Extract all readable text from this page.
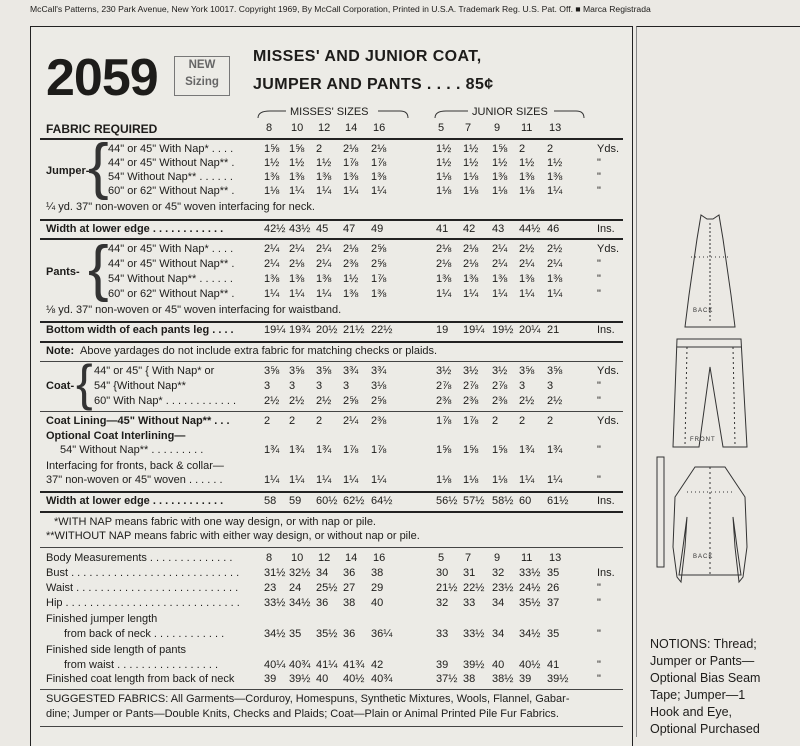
McCall's Patterns, 230 Park Avenue, New York 10017. Copyright 1969, By McCall Corporation, Printed in U.S.A. Trademark Reg. U.S. Pat. Off. ■ Marca Registrada
BACK
FRONT
BACK
2059	NEW
Sizing
MISSES' AND JUNIOR COAT,
JUMPER AND PANTS . . . . 85¢
MISSES' SIZES	JUNIOR SIZES
FABRIC REQUIRED	8 10 12 14 16	5 7 9 11 13
Jumper-
{ 44" or 45" With Nap* . . . .	1⅝ 1⅝ 2 2⅛ 2⅛	1½ 1½ 1⅝ 2 2	Yds.
44" or 45" Without Nap** .	1½ 1½ 1½ 1⅞ 1⅞	1½ 1½ 1½ 1½ 1½	"
54" Without Nap** . . . . . .	1⅜ 1⅜ 1⅜ 1⅜ 1⅜	1⅛ 1⅛ 1⅜ 1⅜ 1⅜	"
60" or 62" Without Nap** .	1⅛ 1¼ 1¼ 1¼ 1¼	1⅛ 1⅛ 1⅛ 1⅛ 1¼	"
¼ yd. 37" non-woven or 45" woven interfacing for neck.
Width at lower edge . . . . . . . . . . . .	42½ 43½ 45 47 49	41 42 43 44½ 46	Ins.
Pants- { 44" or 45" With Nap* . . . .	2¼ 2¼ 2¼ 2⅛ 2⅝	2⅛ 2⅛ 2¼ 2½ 2½	Yds.
44" or 45" Without Nap** .	2¼ 2⅛ 2¼ 2⅜ 2⅝	2⅛ 2⅛ 2¼ 2¼ 2¼	"
54" Without Nap** . . . . . .	1⅜ 1⅜ 1⅜ 1½ 1⅞	1⅜ 1⅜ 1⅜ 1⅜ 1⅜	"
60" or 62" Without Nap** .	1¼ 1¼ 1¼ 1⅜ 1⅜	1¼ 1¼ 1¼ 1¼ 1¼	"
⅛ yd. 37" non-woven or 45" woven interfacing for waistband.
Bottom width of each pants leg . . . .	19¼ 19¾ 20½ 21½ 22½	19 19¼ 19½ 20¼ 21	Ins.
Note: Above yardages do not include extra fabric for matching checks or plaids.
Coat- { 44" or 45" { With Nap* or	3⅝ 3⅝ 3⅝ 3¾ 3¾	3½ 3½ 3½ 3⅝ 3⅝	Yds.
54" {Without Nap**	3 3 3 3 3⅛	2⅞ 2⅞ 2⅞ 3 3	"
60" With Nap* . . . . . . . . . . . .	2½ 2½ 2½ 2⅝ 2⅝	2⅜ 2⅜ 2⅜ 2½ 2½	"
Coat Lining—45" Without Nap** . . .	2 2 2 2¼ 2⅜	1⅞ 1⅞ 2 2 2	Yds.
Optional Coat Interlining—
54" Without Nap** . . . . . . . . .	1¾ 1¾ 1¾ 1⅞ 1⅞	1⅝ 1⅝ 1⅝ 1¾ 1¾	"
Interfacing for fronts, back & collar—
37" non-woven or 45" woven . . . . . .	1¼ 1¼ 1¼ 1¼ 1¼	1⅛ 1⅛ 1⅛ 1¼ 1¼	"
Width at lower edge . . . . . . . . . . . .	58 59 60½ 62½ 64½	56½ 57½ 58½ 60 61½	Ins.
*WITH NAP means fabric with one way design, or with nap or pile.
**WITHOUT NAP means fabric with either way design, or without nap or pile.
Body Measurements . . . . . . . . . . . . . .	8 10 12 14 16	5 7 9 11 13
Bust . . . . . . . . . . . . . . . . . . . . . . . . . . . . 31½ 32½ 34 36 38	30 31 32 33½ 35	Ins.
Waist . . . . . . . . . . . . . . . . . . . . . . . . . . . 23 24 25½ 27 29	21½ 22½ 23½ 24½ 26	"
Hip . . . . . . . . . . . . . . . . . . . . . . . . . . . . . 33½ 34½ 36 38 40	32 33 34 35½ 37	"
Finished jumper length
from back of neck . . . . . . . . . . . .	34½ 35 35½ 36 36¼	33 33½ 34 34½ 35	"
Finished side length of pants
from waist . . . . . . . . . . . . . . . . .	40¼ 40¾ 41¼ 41¾ 42	39 39½ 40 40½ 41	"
Finished coat length from back of neck	39 39½ 40 40½ 40¾	37½ 38 38½ 39 39½	"
SUGGESTED FABRICS: All Garments—Corduroy, Homespuns, Synthetic Mixtures, Wools, Flannel, Gabar-
dine; Jumper or Pants—Double Knits, Checks and Plaids; Coat—Plain or Animal Printed Pile Fur Fabrics.
NOTIONS: Thread;
Jumper or Pants—
Optional Bias Seam
Tape; Jumper—1
Hook and Eye,
Optional Purchased
